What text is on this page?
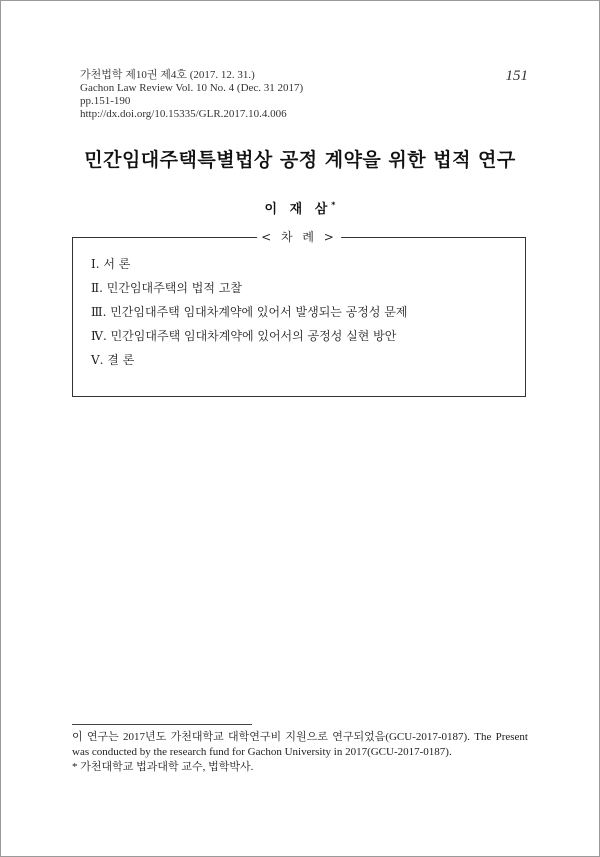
가천법학 제10권 제4호 (2017. 12. 31.)
Gachon Law Review Vol. 10 No. 4 (Dec. 31 2017)
pp.151-190
http://dx.doi.org/10.15335/GLR.2017.10.4.006
151
민간임대주택특별법상 공정 계약을 위한 법적 연구
이 재 삼*
< 차 례 >
Ⅰ. 서 론
Ⅱ. 민간임대주택의 법적 고찰
Ⅲ. 민간임대주택 임대차계약에 있어서 발생되는 공정성 문제
Ⅳ. 민간임대주택 임대차계약에 있어서의 공정성 실현 방안
Ⅴ. 결 론

이 연구는 2017년도 가천대학교 대학연구비 지원으로 연구되었음(GCU-2017-0187). The Present was conducted by the research fund for Gachon University in 2017(GCU-2017-0187).

* 가천대학교 법과대학 교수, 법학박사.
